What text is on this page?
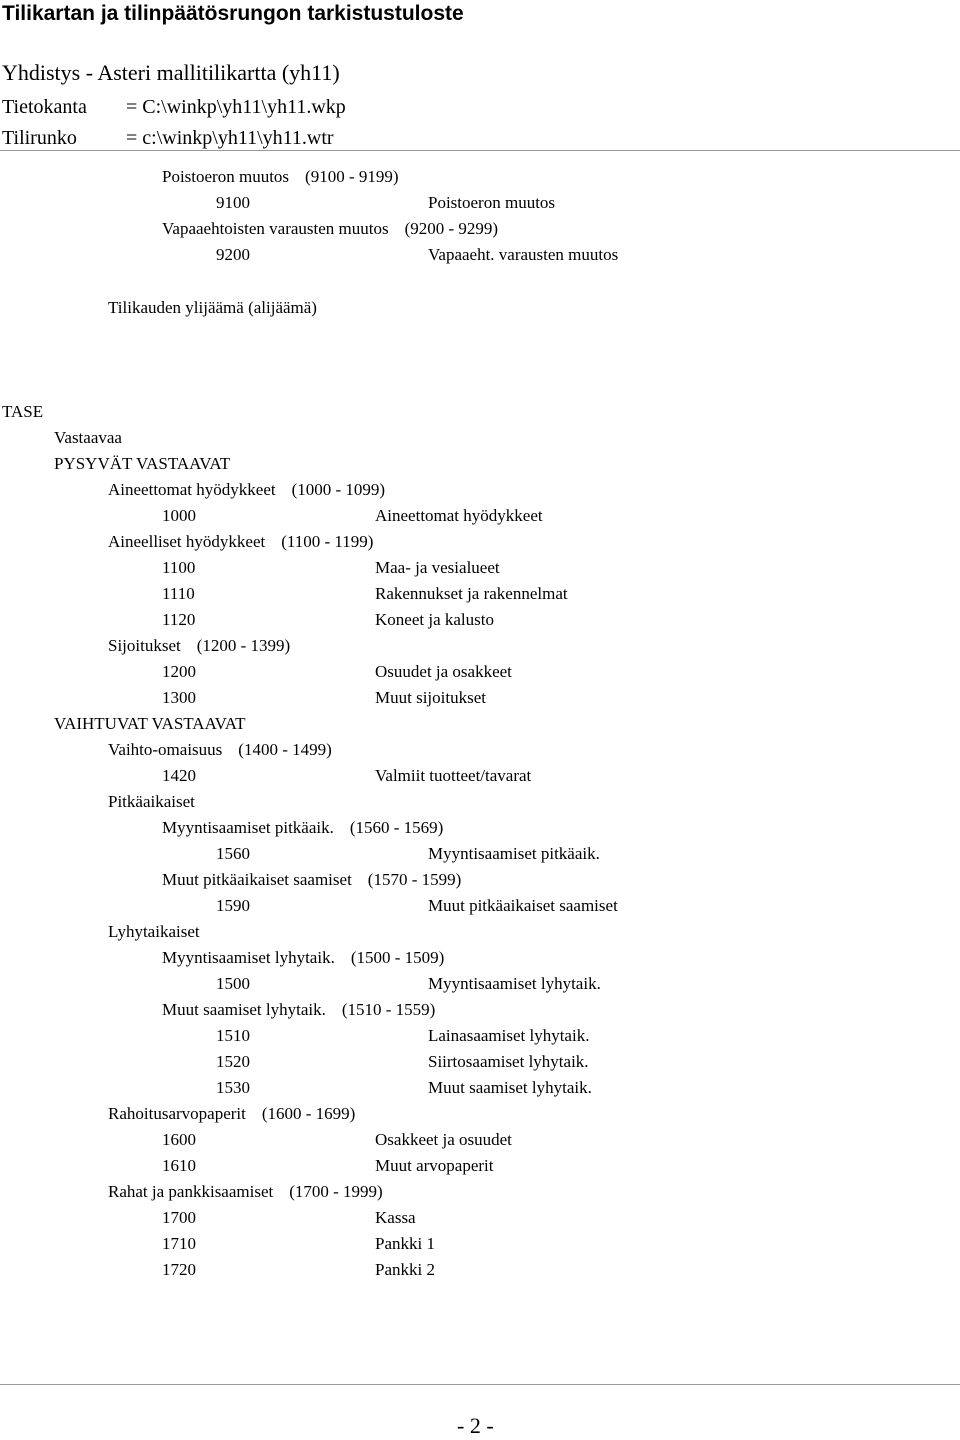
Tilikartan ja tilinpäätösrungon tarkistustuloste
Yhdistys - Asteri mallitilikartta (yh11)
Tietokanta = C:\winkp\yh11\yh11.wkp
Tilirunko = c:\winkp\yh11\yh11.wtr
Poistoeron muutos (9100 - 9199)
9100	Poistoeron muutos
Vapaaehtoisten varausten muutos (9200 - 9299)
9200	Vapaaeht. varausten muutos
Tilikauden ylijäämä (alijäämä)
TASE
Vastaavaa
PYSYVÄT VASTAAVAT
Aineettomat hyödykkeet (1000 - 1099)
1000	Aineettomat hyödykkeet
Aineelliset hyödykkeet (1100 - 1199)
1100	Maa- ja vesialueet
1110	Rakennukset ja rakennelmat
1120	Koneet ja kalusto
Sijoitukset (1200 - 1399)
1200	Osuudet ja osakkeet
1300	Muut sijoitukset
VAIHTUVAT VASTAAVAT
Vaihto-omaisuus (1400 - 1499)
1420	Valmiit tuotteet/tavarat
Pitkäaikaiset
Myyntisaamiset pitkäaik. (1560 - 1569)
1560	Myyntisaamiset pitkäaik.
Muut pitkäaikaiset saamiset (1570 - 1599)
1590	Muut pitkäaikaiset saamiset
Lyhytaikaiset
Myyntisaamiset lyhytaik. (1500 - 1509)
1500	Myyntisaamiset lyhytaik.
Muut saamiset lyhytaik. (1510 - 1559)
1510	Lainasaamiset lyhytaik.
1520	Siirtosaamiset lyhytaik.
1530	Muut saamiset lyhytaik.
Rahoitusarvopaperit (1600 - 1699)
1600	Osakkeet ja osuudet
1610	Muut arvopaperit
Rahat ja pankkisaamiset (1700 - 1999)
1700	Kassa
1710	Pankki 1
1720	Pankki 2
- 2 -
